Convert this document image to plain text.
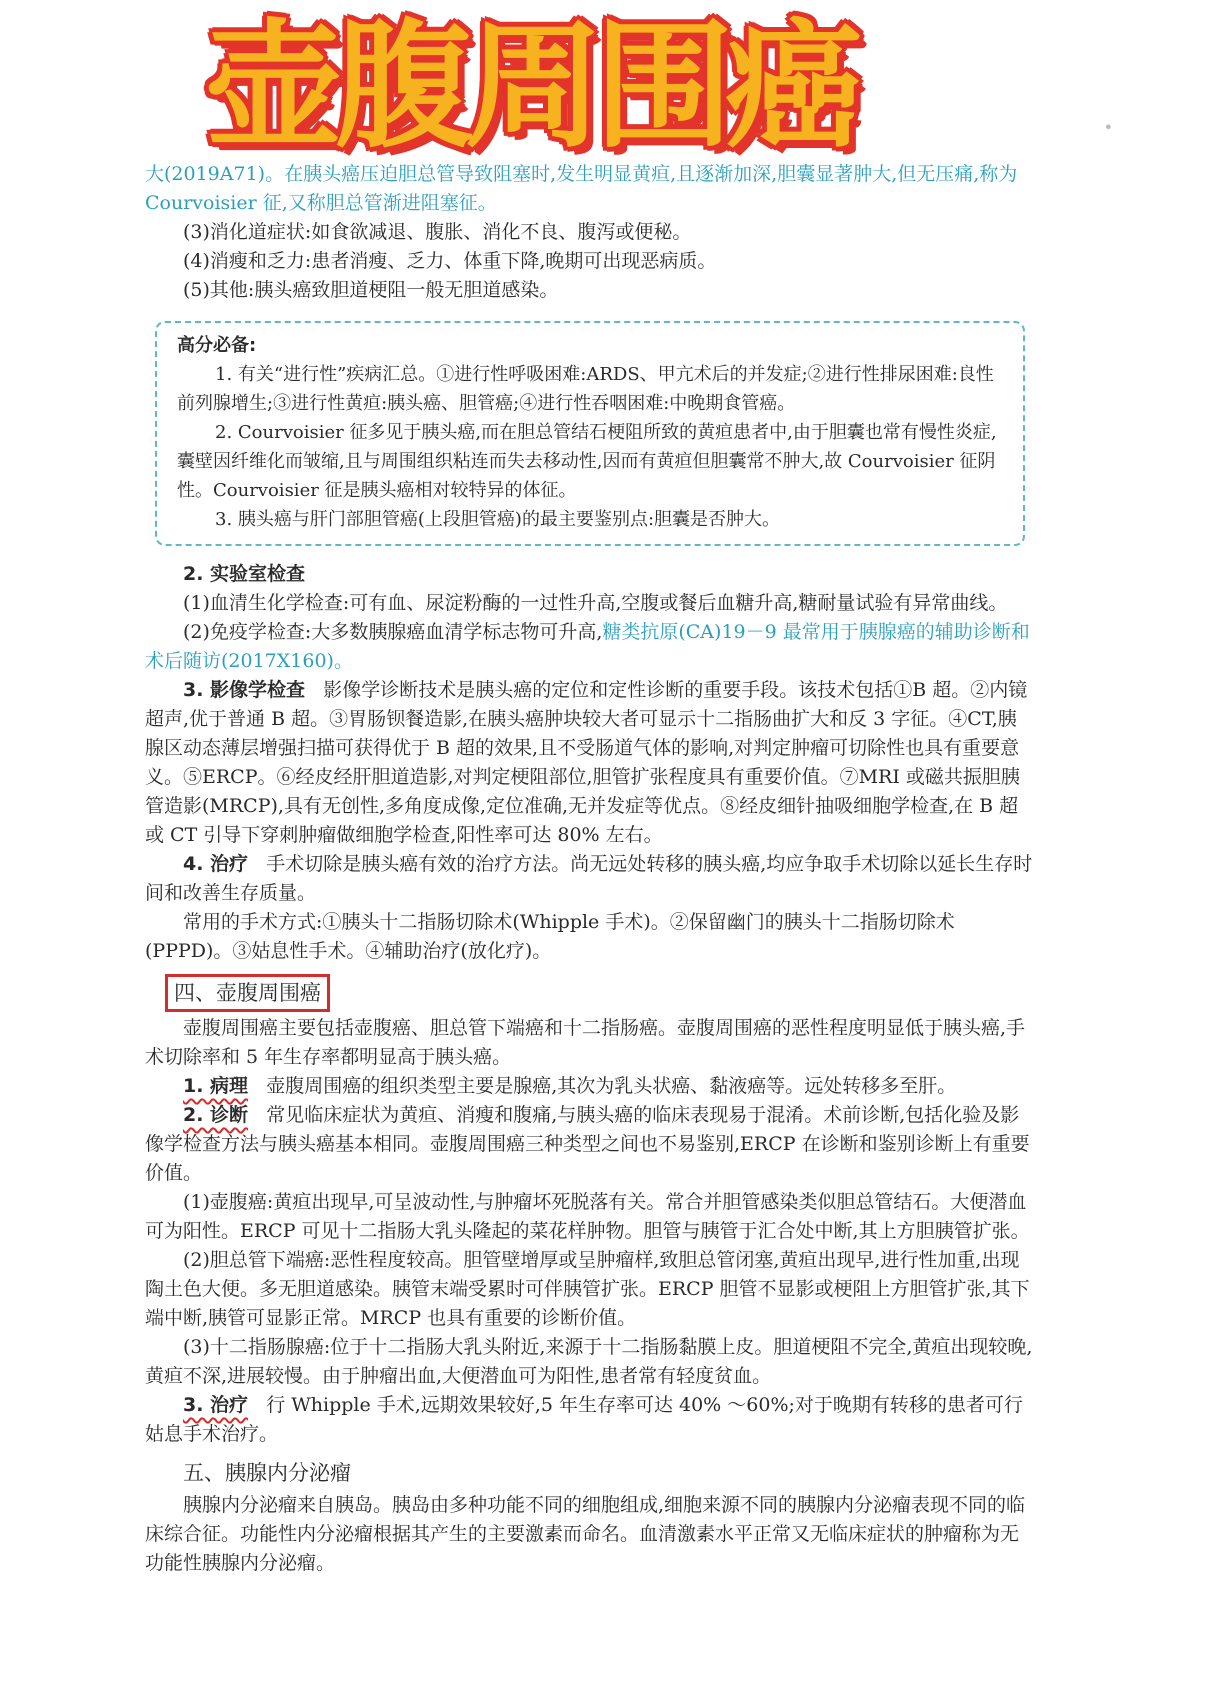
壶腹周围癌	•

大(2019A71)。在胰头癌压迫胆总管导致阻塞时,发生明显黄疸,且逐渐加深,胆囊显著肿大,但无压痛,称为 Courvoisier 征,又称胆总管渐进阻塞征。

(3)消化道症状:如食欲减退、腹胀、消化不良、腹泻或便秘。

(4)消瘦和乏力:患者消瘦、乏力、体重下降,晚期可出现恶病质。

(5)其他:胰头癌致胆道梗阻一般无胆道感染。

高分必备:

1. 有关“进行性”疾病汇总。①进行性呼吸困难:ARDS、甲亢术后的并发症;②进行性排尿困难:良性前列腺增生;③进行性黄疸:胰头癌、胆管癌;④进行性吞咽困难:中晚期食管癌。

2. Courvoisier 征多见于胰头癌,而在胆总管结石梗阻所致的黄疸患者中,由于胆囊也常有慢性炎症,囊壁因纤维化而皱缩,且与周围组织粘连而失去移动性,因而有黄疸但胆囊常不肿大,故 Courvoisier 征阴性。Courvoisier 征是胰头癌相对较特异的体征。

3. 胰头癌与肝门部胆管癌(上段胆管癌)的最主要鉴别点:胆囊是否肿大。

2. 实验室检查

(1)血清生化学检查:可有血、尿淀粉酶的一过性升高,空腹或餐后血糖升高,糖耐量试验有异常曲线。

(2)免疫学检查:大多数胰腺癌血清学标志物可升高,糖类抗原(CA)19－9 最常用于胰腺癌的辅助诊断和术后随访(2017X160)。

3. 影像学检查 影像学诊断技术是胰头癌的定位和定性诊断的重要手段。该技术包括①B 超。②内镜超声,优于普通 B 超。③胃肠钡餐造影,在胰头癌肿块较大者可显示十二指肠曲扩大和反 3 字征。④CT,胰腺区动态薄层增强扫描可获得优于 B 超的效果,且不受肠道气体的影响,对判定肿瘤可切除性也具有重要意义。⑤ERCP。⑥经皮经肝胆道造影,对判定梗阻部位,胆管扩张程度具有重要价值。⑦MRI 或磁共振胆胰管造影(MRCP),具有无创性,多角度成像,定位准确,无并发症等优点。⑧经皮细针抽吸细胞学检查,在 B 超或 CT 引导下穿刺肿瘤做细胞学检查,阳性率可达 80% 左右。

4. 治疗 手术切除是胰头癌有效的治疗方法。尚无远处转移的胰头癌,均应争取手术切除以延长生存时间和改善生存质量。

常用的手术方式:①胰头十二指肠切除术(Whipple 手术)。②保留幽门的胰头十二指肠切除术(PPPD)。③姑息性手术。④辅助治疗(放化疗)。

四、壶腹周围癌

壶腹周围癌主要包括壶腹癌、胆总管下端癌和十二指肠癌。壶腹周围癌的恶性程度明显低于胰头癌,手术切除率和 5 年生存率都明显高于胰头癌。

1. 病理 壶腹周围癌的组织类型主要是腺癌,其次为乳头状癌、黏液癌等。远处转移多至肝。

2. 诊断 常见临床症状为黄疸、消瘦和腹痛,与胰头癌的临床表现易于混淆。术前诊断,包括化验及影像学检查方法与胰头癌基本相同。壶腹周围癌三种类型之间也不易鉴别,ERCP 在诊断和鉴别诊断上有重要价值。

(1)壶腹癌:黄疸出现早,可呈波动性,与肿瘤坏死脱落有关。常合并胆管感染类似胆总管结石。大便潜血可为阳性。ERCP 可见十二指肠大乳头隆起的菜花样肿物。胆管与胰管于汇合处中断,其上方胆胰管扩张。

(2)胆总管下端癌:恶性程度较高。胆管壁增厚或呈肿瘤样,致胆总管闭塞,黄疸出现早,进行性加重,出现陶土色大便。多无胆道感染。胰管末端受累时可伴胰管扩张。ERCP 胆管不显影或梗阻上方胆管扩张,其下端中断,胰管可显影正常。MRCP 也具有重要的诊断价值。

(3)十二指肠腺癌:位于十二指肠大乳头附近,来源于十二指肠黏膜上皮。胆道梗阻不完全,黄疸出现较晚,黄疸不深,进展较慢。由于肿瘤出血,大便潜血可为阳性,患者常有轻度贫血。

3. 治疗 行 Whipple 手术,远期效果较好,5 年生存率可达 40% ～60%;对于晚期有转移的患者可行姑息手术治疗。

五、胰腺内分泌瘤

胰腺内分泌瘤来自胰岛。胰岛由多种功能不同的细胞组成,细胞来源不同的胰腺内分泌瘤表现不同的临床综合征。功能性内分泌瘤根据其产生的主要激素而命名。血清激素水平正常又无临床症状的肿瘤称为无功能性胰腺内分泌瘤。
